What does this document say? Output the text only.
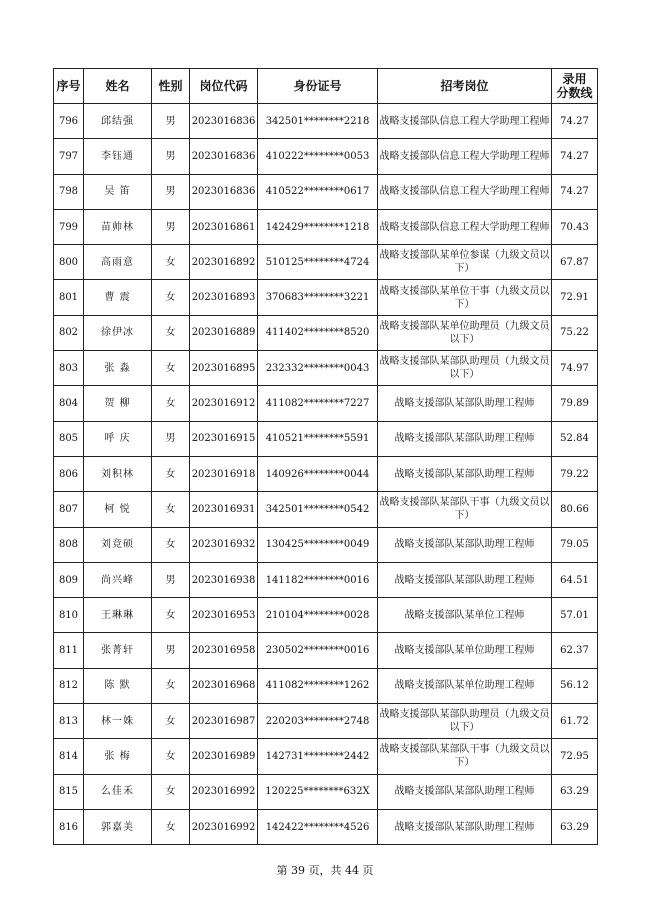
序号	姓名	性别	岗位代码	身份证号	招考岗位	录用
分数线
796	邱结强	男	2023016836	342501********2218	战略支援部队信息工程大学助理工程师	74.27
797	李钰通	男	2023016836	410222********0053	战略支援部队信息工程大学助理工程师	74.27
798	吴 笛	男	2023016836	410522********0617	战略支援部队信息工程大学助理工程师	74.27
799	苗帅林	男	2023016861	142429********1218	战略支援部队信息工程大学助理工程师	70.43
800	高雨意	女	2023016892	510125********4724	战略支援部队某单位参谋（九级文员以下）	67.87
801	曹 震	女	2023016893	370683********3221	战略支援部队某单位干事（九级文员以下）	72.91
802	徐伊冰	女	2023016889	411402********8520	战略支援部队某单位助理员（九级文员以下）	75.22
803	张 淼	女	2023016895	232332********0043	战略支援部队某部队助理员（九级文员以下）	74.97
804	贺 柳	女	2023016912	411082********7227	战略支援部队某部队助理工程师	79.89
805	呼 庆	男	2023016915	410521********5591	战略支援部队某部队助理工程师	52.84
806	刘积林	女	2023016918	140926********0044	战略支援部队某部队助理工程师	79.22
807	柯 悦	女	2023016931	342501********0542	战略支援部队某部队干事（九级文员以下）	80.66
808	刘竞硕	女	2023016932	130425********0049	战略支援部队某部队助理工程师	79.05
809	尚兴峰	男	2023016938	141182********0016	战略支援部队某部队助理工程师	64.51
810	王琳琳	女	2023016953	210104********0028	战略支援部队某单位工程师	57.01
811	张菁轩	男	2023016958	230502********0016	战略支援部队某单位助理工程师	62.37
812	陈 默	女	2023016968	411082********1262	战略支援部队某单位助理工程师	56.12
813	林一姝	女	2023016987	220203********2748	战略支援部队某部队助理员（九级文员以下）	61.72
814	张 梅	女	2023016989	142731********2442	战略支援部队某部队干事（九级文员以下）	72.95
815	么佳禾	女	2023016992	120225********632X	战略支援部队某部队助理工程师	63.29
816	郭嘉美	女	2023016992	142422********4526	战略支援部队某部队助理工程师	63.29
第 39 页，共 44 页
